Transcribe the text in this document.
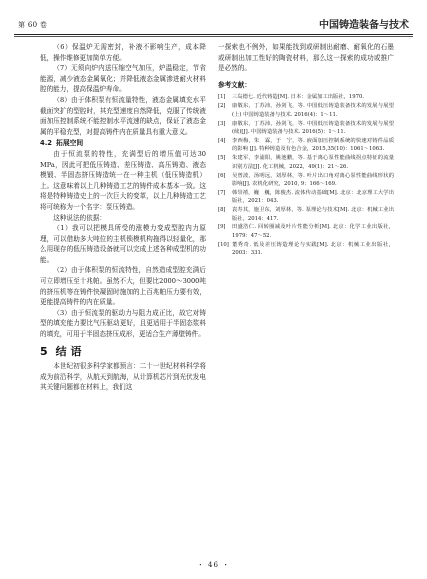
第 60 卷	中国铸造装备与技术

（6）保温炉无需密封，补液不影响生产，成本降低，操作维修更加简单方便。

（7）无须向炉内送压缩空气加压，炉温稳定，节省能源，减少液态金属氧化；并降低液态金属渗进耐火材料腔的能力，提高保温炉寿命。

（8）由于体积泵有恒流量特性，液态金属填充水平截面突扩的型腔时，其充型速度自然降低，克服了传统液面加压控制系统不能控制水平流速的缺点，保证了液态金属的平稳充型，对提高铸件内在质量具有重大意义。

4.2 拓展空间

由于恒流泵的特性，充满型后的增压值可达30 MPa，因此可把低压铸造、差压铸造、高压铸造、液态模锻、半固态挤压铸造统一在一种主机（低压铸造机）上。这意味着以上几种铸造工艺的铸件成本基本一致。这将是特种铸造史上的一次巨大的变革，以上几种铸造工艺将可统称为一个名字：泵压铸造。

这种说法的依据：

（1）我可以把模具所受的涨模力变成型腔内力原理，可以借助多大吨位的主机锁模机构拖得以轻量化，那么用现存的低压铸造设备就可以完成上述各种成型机的功能。

（2）由于体积泵的恒流特性，自然造成型腔充满后可立即增压至十兆帕。虽然不大，但要比2000～3000吨的挤压机等在铸件快凝固时施加的上百兆帕压力要有效，更能提高铸件的内在质量。

（3）由于恒流泵的驱动力与阻力成正比，故它对铸型的填充能力要比气压驱动更好，且更适用于半固态浆料的填充，可用于半固态挤压成形，更适合生产薄壁铸件。

5 结 语

本世纪初很多科学家都预言：二十一世纪材料科学将成为前沿科学，从航天到航海，从计算机芯片到光伏发电其关键问题都在材料上，我们这

一探索也不例外，如果能找到或研制出耐磨、耐氧化的石墨或研制出加工性好的陶瓷材料，那么这一探索的成功或推广是必然的。

参考文献：
[1] 三岛德七. 近代铸造[M]. 日本：金属加工出版社，1970.
[2] 康敬东，丁苏沛，孙剑飞，等. 中国低压铸造装备技术的发展与展望(上) 中国铸造装备与技术. 2016(4)：1～11.
[3] 康敬东，丁苏沛，孙剑飞，等. 中国低压铸造装备技术的发展与展望(续)[J]. 中国铸造装备与技术. 2016(5)：1～11.
[4] 李西梅，朱　霖，于　宁，等. 液面加压控制系统的快速对铸件品质的影响 [J]. 特种铸造及有色合金，2015,35(10)：1061～1063.
[5] 朱建军，李浦阳，姚池鹏，等. 基于离心泵性能曲线拐点特征的流量识别方法[J]. 化工机械，2022，49(1)：21～26.
[6] 吴曾波，汤明远，刘厚林，等. 叶片出口角对离心泵性能曲线形状的影响[J]. 农机化研究，2010, 9：166～169.
[7] 韩崇禧，巍　巍，陈俊杰. 流体传动基础[M]. 北京：北京理工大学出版社，2021：043.
[8] 袁寿其，施卫东，刘厚林，等. 泵理论与技术[M]. 北京：机械工业出版社，2014：417.
[9] 田盛浩仁. 回转圈减及叶片性能分析[M]. 北京：化学工业出版社，1979：47～52.
[10] 董秀奇. 低及差压铸造理论与实践[M]. 北京：机械工业出版社，2003：331.
・ 46 ・
